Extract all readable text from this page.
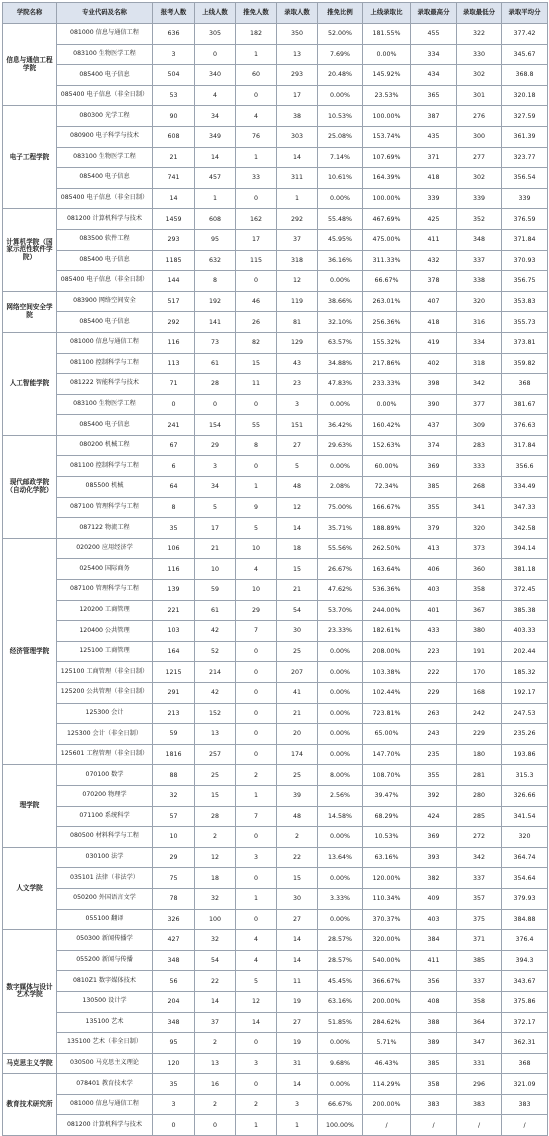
学院名称	专业代码及名称	报考人数	上线人数	推免人数	录取人数	推免比例	上线录取比	录取最高分	录取最低分	录取平均分
信息与通信工程学院	081000 信息与通信工程	636	305	182	350	52.00%	181.55%	455	322	377.42
	083100 生物医学工程	3	0	1	13	7.69%	0.00%	334	330	345.67
	085400 电子信息	504	340	60	293	20.48%	145.92%	434	302	368.8
	085400 电子信息（非全日制）	53	4	0	17	0.00%	23.53%	365	301	320.18
电子工程学院	080300 光学工程	90	34	4	38	10.53%	100.00%	387	276	327.59
	080900 电子科学与技术	608	349	76	303	25.08%	153.74%	435	300	361.39
	083100 生物医学工程	21	14	1	14	7.14%	107.69%	371	277	323.77
	085400 电子信息	741	457	33	311	10.61%	164.39%	418	302	356.54
	085400 电子信息（非全日制）	14	1	0	1	0.00%	100.00%	339	339	339
计算机学院（国家示范性软件学院）	081200 计算机科学与技术	1459	608	162	292	55.48%	467.69%	425	352	376.59
	083500 软件工程	293	95	17	37	45.95%	475.00%	411	348	371.84
	085400 电子信息	1185	632	115	318	36.16%	311.33%	432	337	370.93
	085400 电子信息（非全日制）	144	8	0	12	0.00%	66.67%	378	338	356.75
网络空间安全学院	083900 网络空间安全	517	192	46	119	38.66%	263.01%	407	320	353.83
	085400 电子信息	292	141	26	81	32.10%	256.36%	418	316	355.73
人工智能学院	081000 信息与通信工程	116	73	82	129	63.57%	155.32%	419	334	373.81
	081100 控制科学与工程	113	61	15	43	34.88%	217.86%	402	318	359.82
	081222 智能科学与技术	71	28	11	23	47.83%	233.33%	398	342	368
	083100 生物医学工程	0	0	0	3	0.00%	0.00%	390	377	381.67
	085400 电子信息	241	154	55	151	36.42%	160.42%	437	309	376.63
现代邮政学院（自动化学院）	080200 机械工程	67	29	8	27	29.63%	152.63%	374	283	317.84
	081100 控制科学与工程	6	3	0	5	0.00%	60.00%	369	333	356.6
	085500 机械	64	34	1	48	2.08%	72.34%	385	268	334.49
	087100 管理科学与工程	8	5	9	12	75.00%	166.67%	355	341	347.33
	087122 物流工程	35	17	5	14	35.71%	188.89%	379	320	342.58
经济管理学院	020200 应用经济学	106	21	10	18	55.56%	262.50%	413	373	394.14
	025400 国际商务	116	10	4	15	26.67%	163.64%	406	360	381.18
	087100 管理科学与工程	139	59	10	21	47.62%	536.36%	403	358	372.45
	120200 工商管理	221	61	29	54	53.70%	244.00%	401	367	385.38
	120400 公共管理	103	42	7	30	23.33%	182.61%	433	380	403.33
	125100 工商管理	164	52	0	25	0.00%	208.00%	223	191	202.44
	125100 工商管理（非全日制）	1215	214	0	207	0.00%	103.38%	222	170	185.32
	125200 公共管理（非全日制）	291	42	0	41	0.00%	102.44%	229	168	192.17
	125300 会计	213	152	0	21	0.00%	723.81%	263	242	247.53
	125300 会计（非全日制）	59	13	0	20	0.00%	65.00%	243	229	235.26
	125601 工程管理（非全日制）	1816	257	0	174	0.00%	147.70%	235	180	193.86
理学院	070100 数学	88	25	2	25	8.00%	108.70%	355	281	315.3
	070200 物理学	32	15	1	39	2.56%	39.47%	392	280	326.66
	071100 系统科学	57	28	7	48	14.58%	68.29%	424	285	341.54
	080500 材料科学与工程	10	2	0	2	0.00%	10.53%	369	272	320
人文学院	030100 法学	29	12	3	22	13.64%	63.16%	393	342	364.74
	035101 法律（非法学）	75	18	0	15	0.00%	120.00%	382	337	354.64
	050200 外国语言文学	78	32	1	30	3.33%	110.34%	409	357	379.93
	055100 翻译	326	100	0	27	0.00%	370.37%	403	375	384.88
数字媒体与设计艺术学院	050300 新闻传播学	427	32	4	14	28.57%	320.00%	384	371	376.4
	055200 新闻与传播	348	54	4	14	28.57%	540.00%	411	385	394.3
	0810Z1 数字媒体技术	56	22	5	11	45.45%	366.67%	356	337	343.67
	130500 设计学	204	14	12	19	63.16%	200.00%	408	358	375.86
	135100 艺术	348	37	14	27	51.85%	284.62%	388	364	372.17
	135100 艺术（非全日制）	95	2	0	19	0.00%	5.71%	389	347	362.31
马克思主义学院	030500 马克思主义理论	120	13	3	31	9.68%	46.43%	385	331	368
教育技术研究所	078401 教育技术学	35	16	0	14	0.00%	114.29%	358	296	321.09
	081000 信息与通信工程	3	2	2	3	66.67%	200.00%	383	383	383
	081200 计算机科学与技术	0	0	1	1	100.00%	/	/	/	/
